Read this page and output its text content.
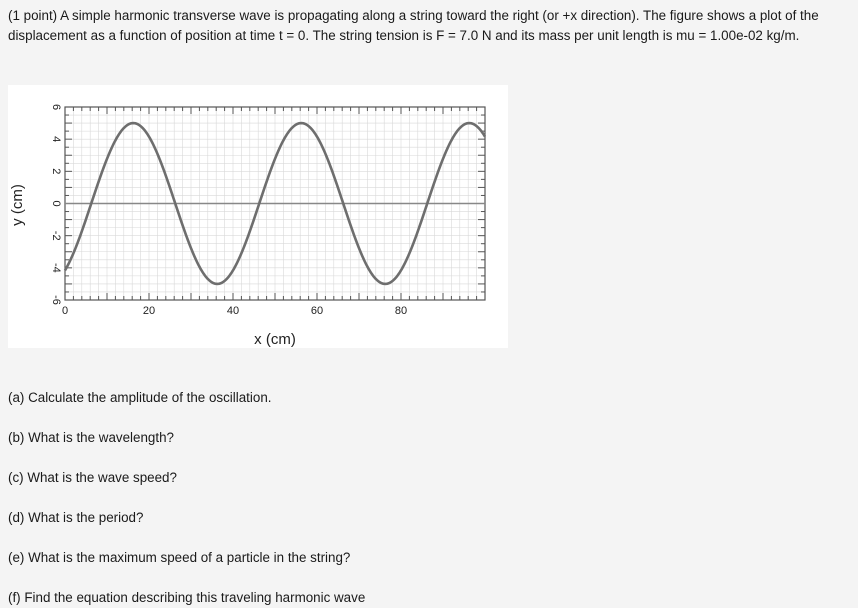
(1 point) A simple harmonic transverse wave is propagating along a string toward the right (or +x direction). The figure shows a plot of the displacement as a function of position at time t = 0. The string tension is F = 7.0 N and its mass per unit length is mu = 1.00e-02 kg/m.

0	20	40	60	80
6
4
2
0
-2
-4
-6
x (cm)
y (cm)

(a) Calculate the amplitude of the oscillation.

(b) What is the wavelength?

(c) What is the wave speed?

(d) What is the period?

(e) What is the maximum speed of a particle in the string?

(f) Find the equation describing this traveling harmonic wave
